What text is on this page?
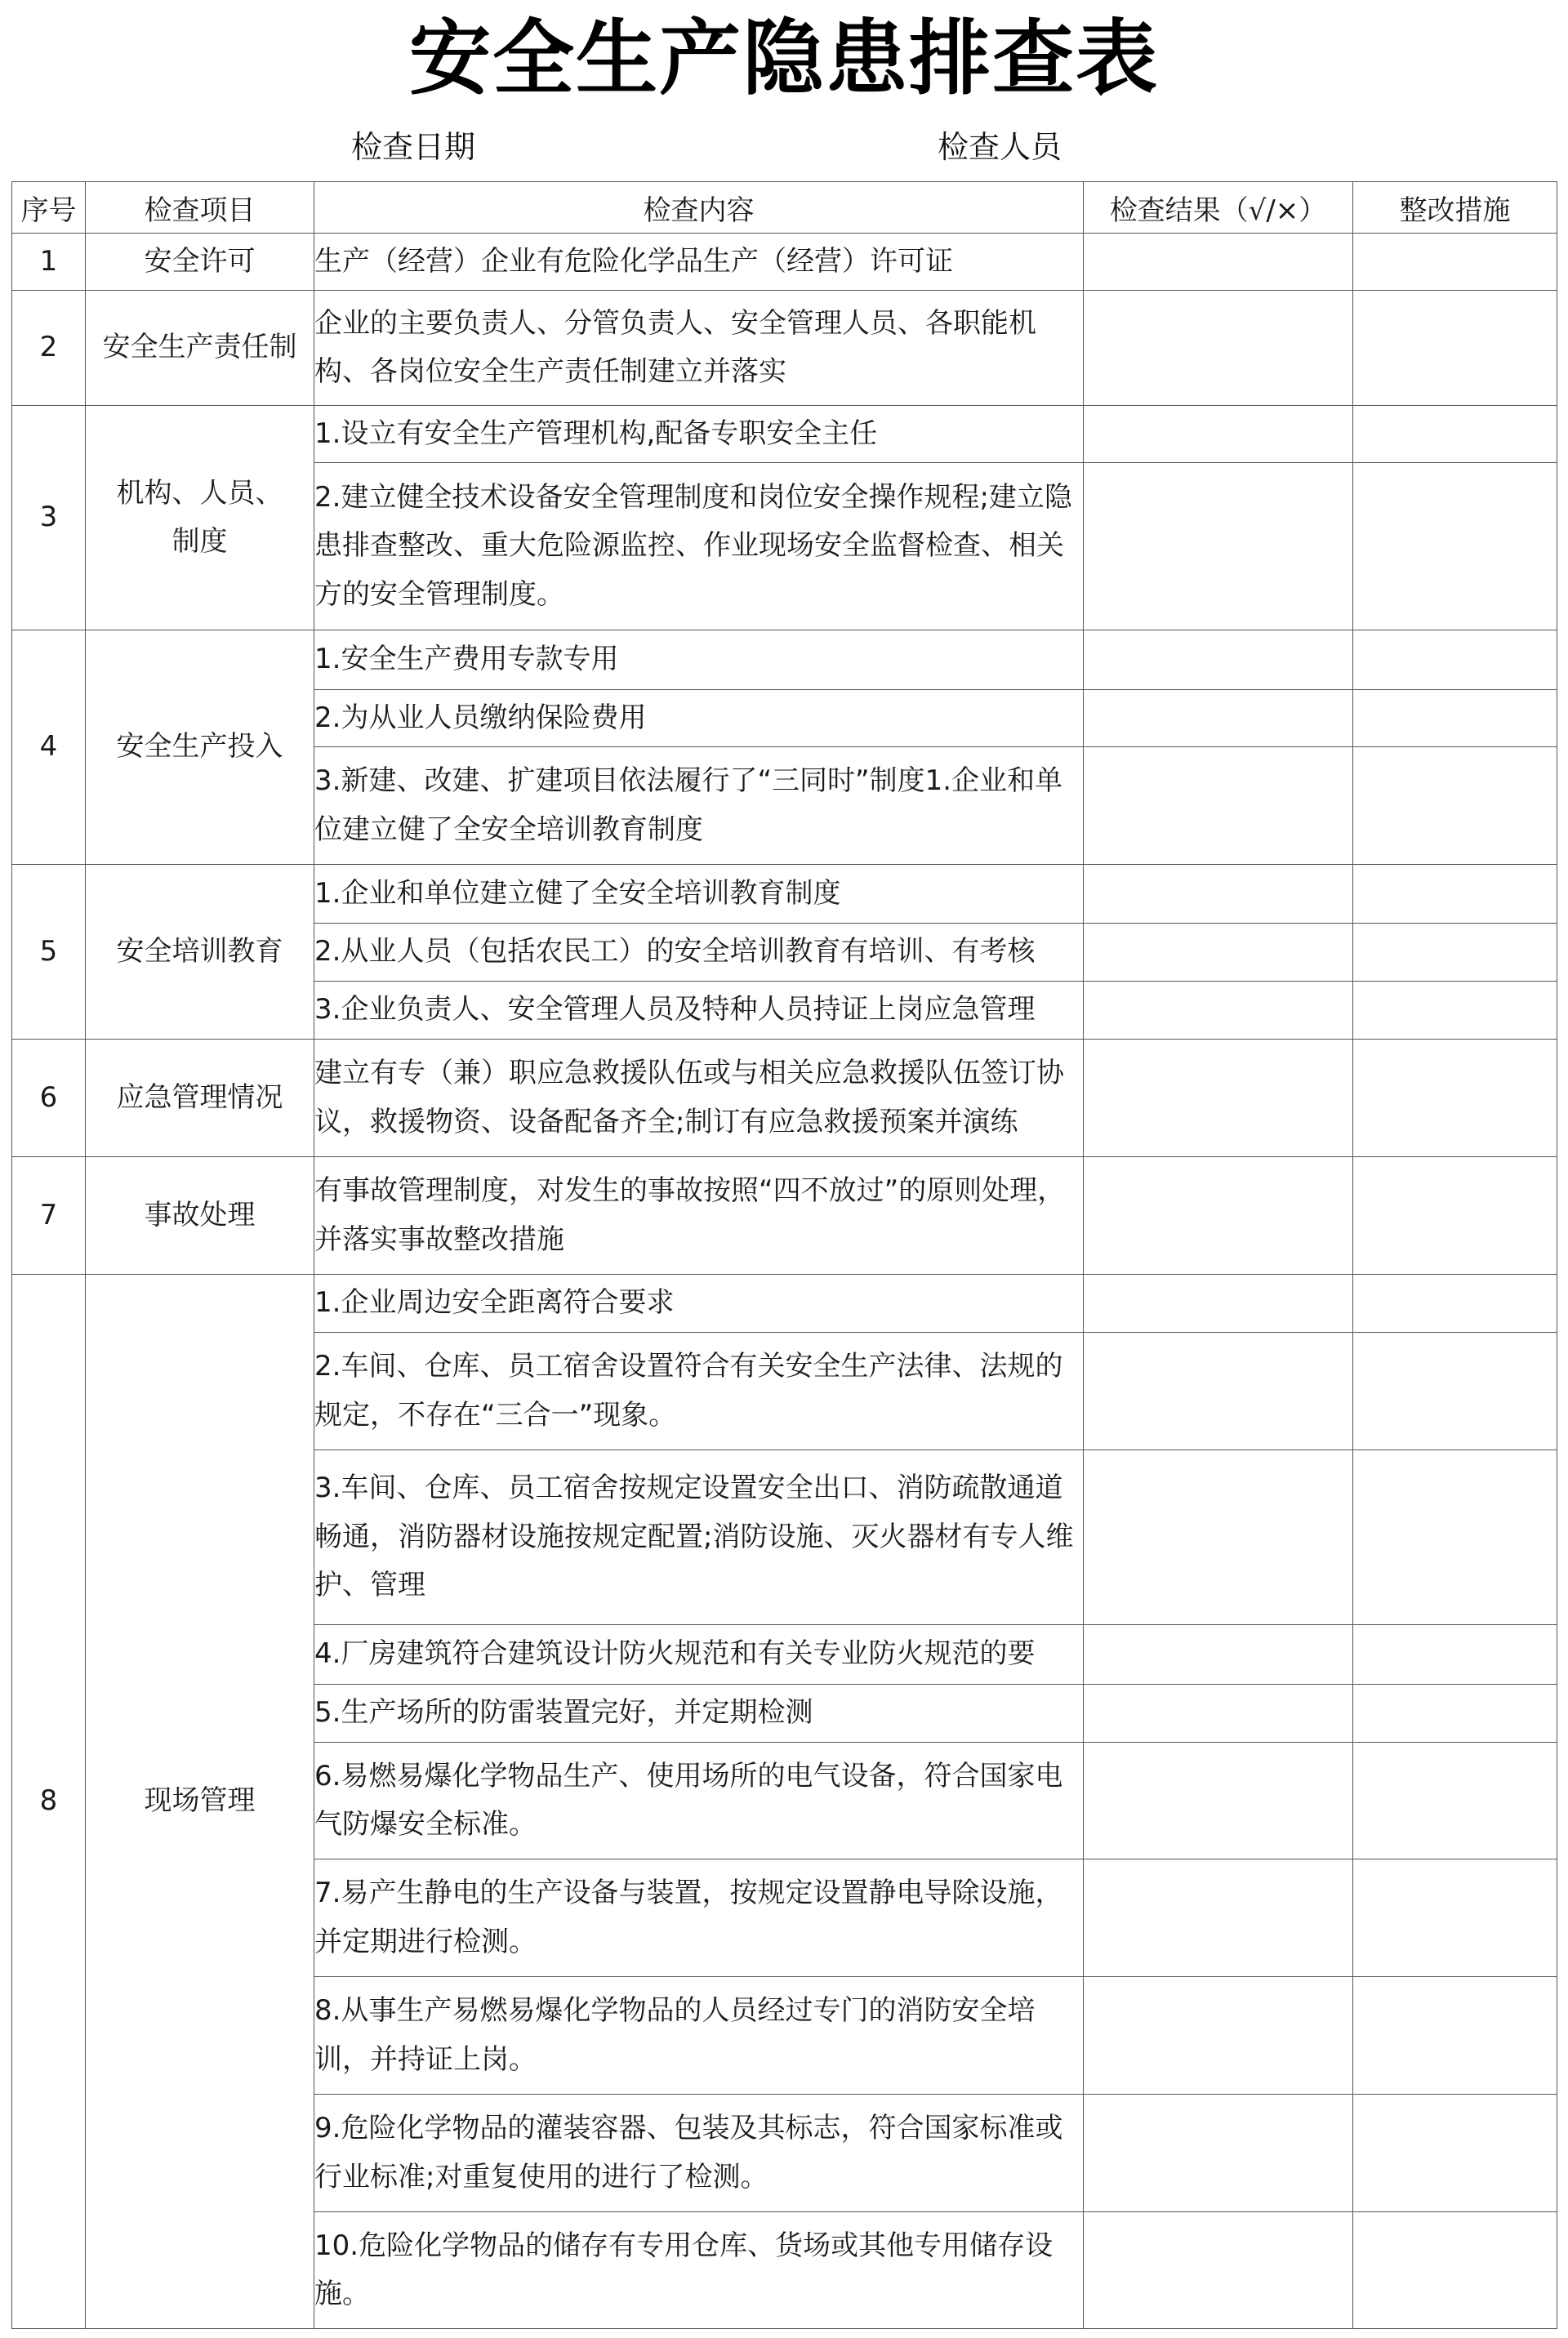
安全生产隐患排查表
检查日期	检查人员
序号	检查项目	检查内容	检查结果（√/×）	整改措施
1	安全许可	生产（经营）企业有危险化学品生产（经营）许可证		
2	安全生产责任制	企业的主要负责人、分管负责人、安全管理人员、各职能机构、各岗位安全生产责任制建立并落实		
3	机构、人员、制度	1.设立有安全生产管理机构,配备专职安全主任		
		2.建立健全技术设备安全管理制度和岗位安全操作规程;建立隐患排查整改、重大危险源监控、作业现场安全监督检查、相关方的安全管理制度。		
4	安全生产投入	1.安全生产费用专款专用		
		2.为从业人员缴纳保险费用		
		3.新建、改建、扩建项目依法履行了“三同时”制度1.企业和单位建立健了全安全培训教育制度		
5	安全培训教育	1.企业和单位建立健了全安全培训教育制度		
		2.从业人员（包括农民工）的安全培训教育有培训、有考核		
		3.企业负责人、安全管理人员及特种人员持证上岗应急管理		
6	应急管理情况	建立有专（兼）职应急救援队伍或与相关应急救援队伍签订协议，救援物资、设备配备齐全;制订有应急救援预案并演练		
7	事故处理	有事故管理制度，对发生的事故按照“四不放过”的原则处理，并落实事故整改措施		
8	现场管理	1.企业周边安全距离符合要求		
		2.车间、仓库、员工宿舍设置符合有关安全生产法律、法规的规定，不存在“三合一”现象。		
		3.车间、仓库、员工宿舍按规定设置安全出口、消防疏散通道畅通，消防器材设施按规定配置;消防设施、灭火器材有专人维护、管理		
		4.厂房建筑符合建筑设计防火规范和有关专业防火规范的要		
		5.生产场所的防雷装置完好，并定期检测		
		6.易燃易爆化学物品生产、使用场所的电气设备，符合国家电气防爆安全标准。		
		7.易产生静电的生产设备与装置，按规定设置静电导除设施，并定期进行检测。		
		8.从事生产易燃易爆化学物品的人员经过专门的消防安全培训，并持证上岗。		
		9.危险化学物品的灌装容器、包装及其标志，符合国家标准或行业标准;对重复使用的进行了检测。		
		10.危险化学物品的储存有专用仓库、货场或其他专用储存设施。		
